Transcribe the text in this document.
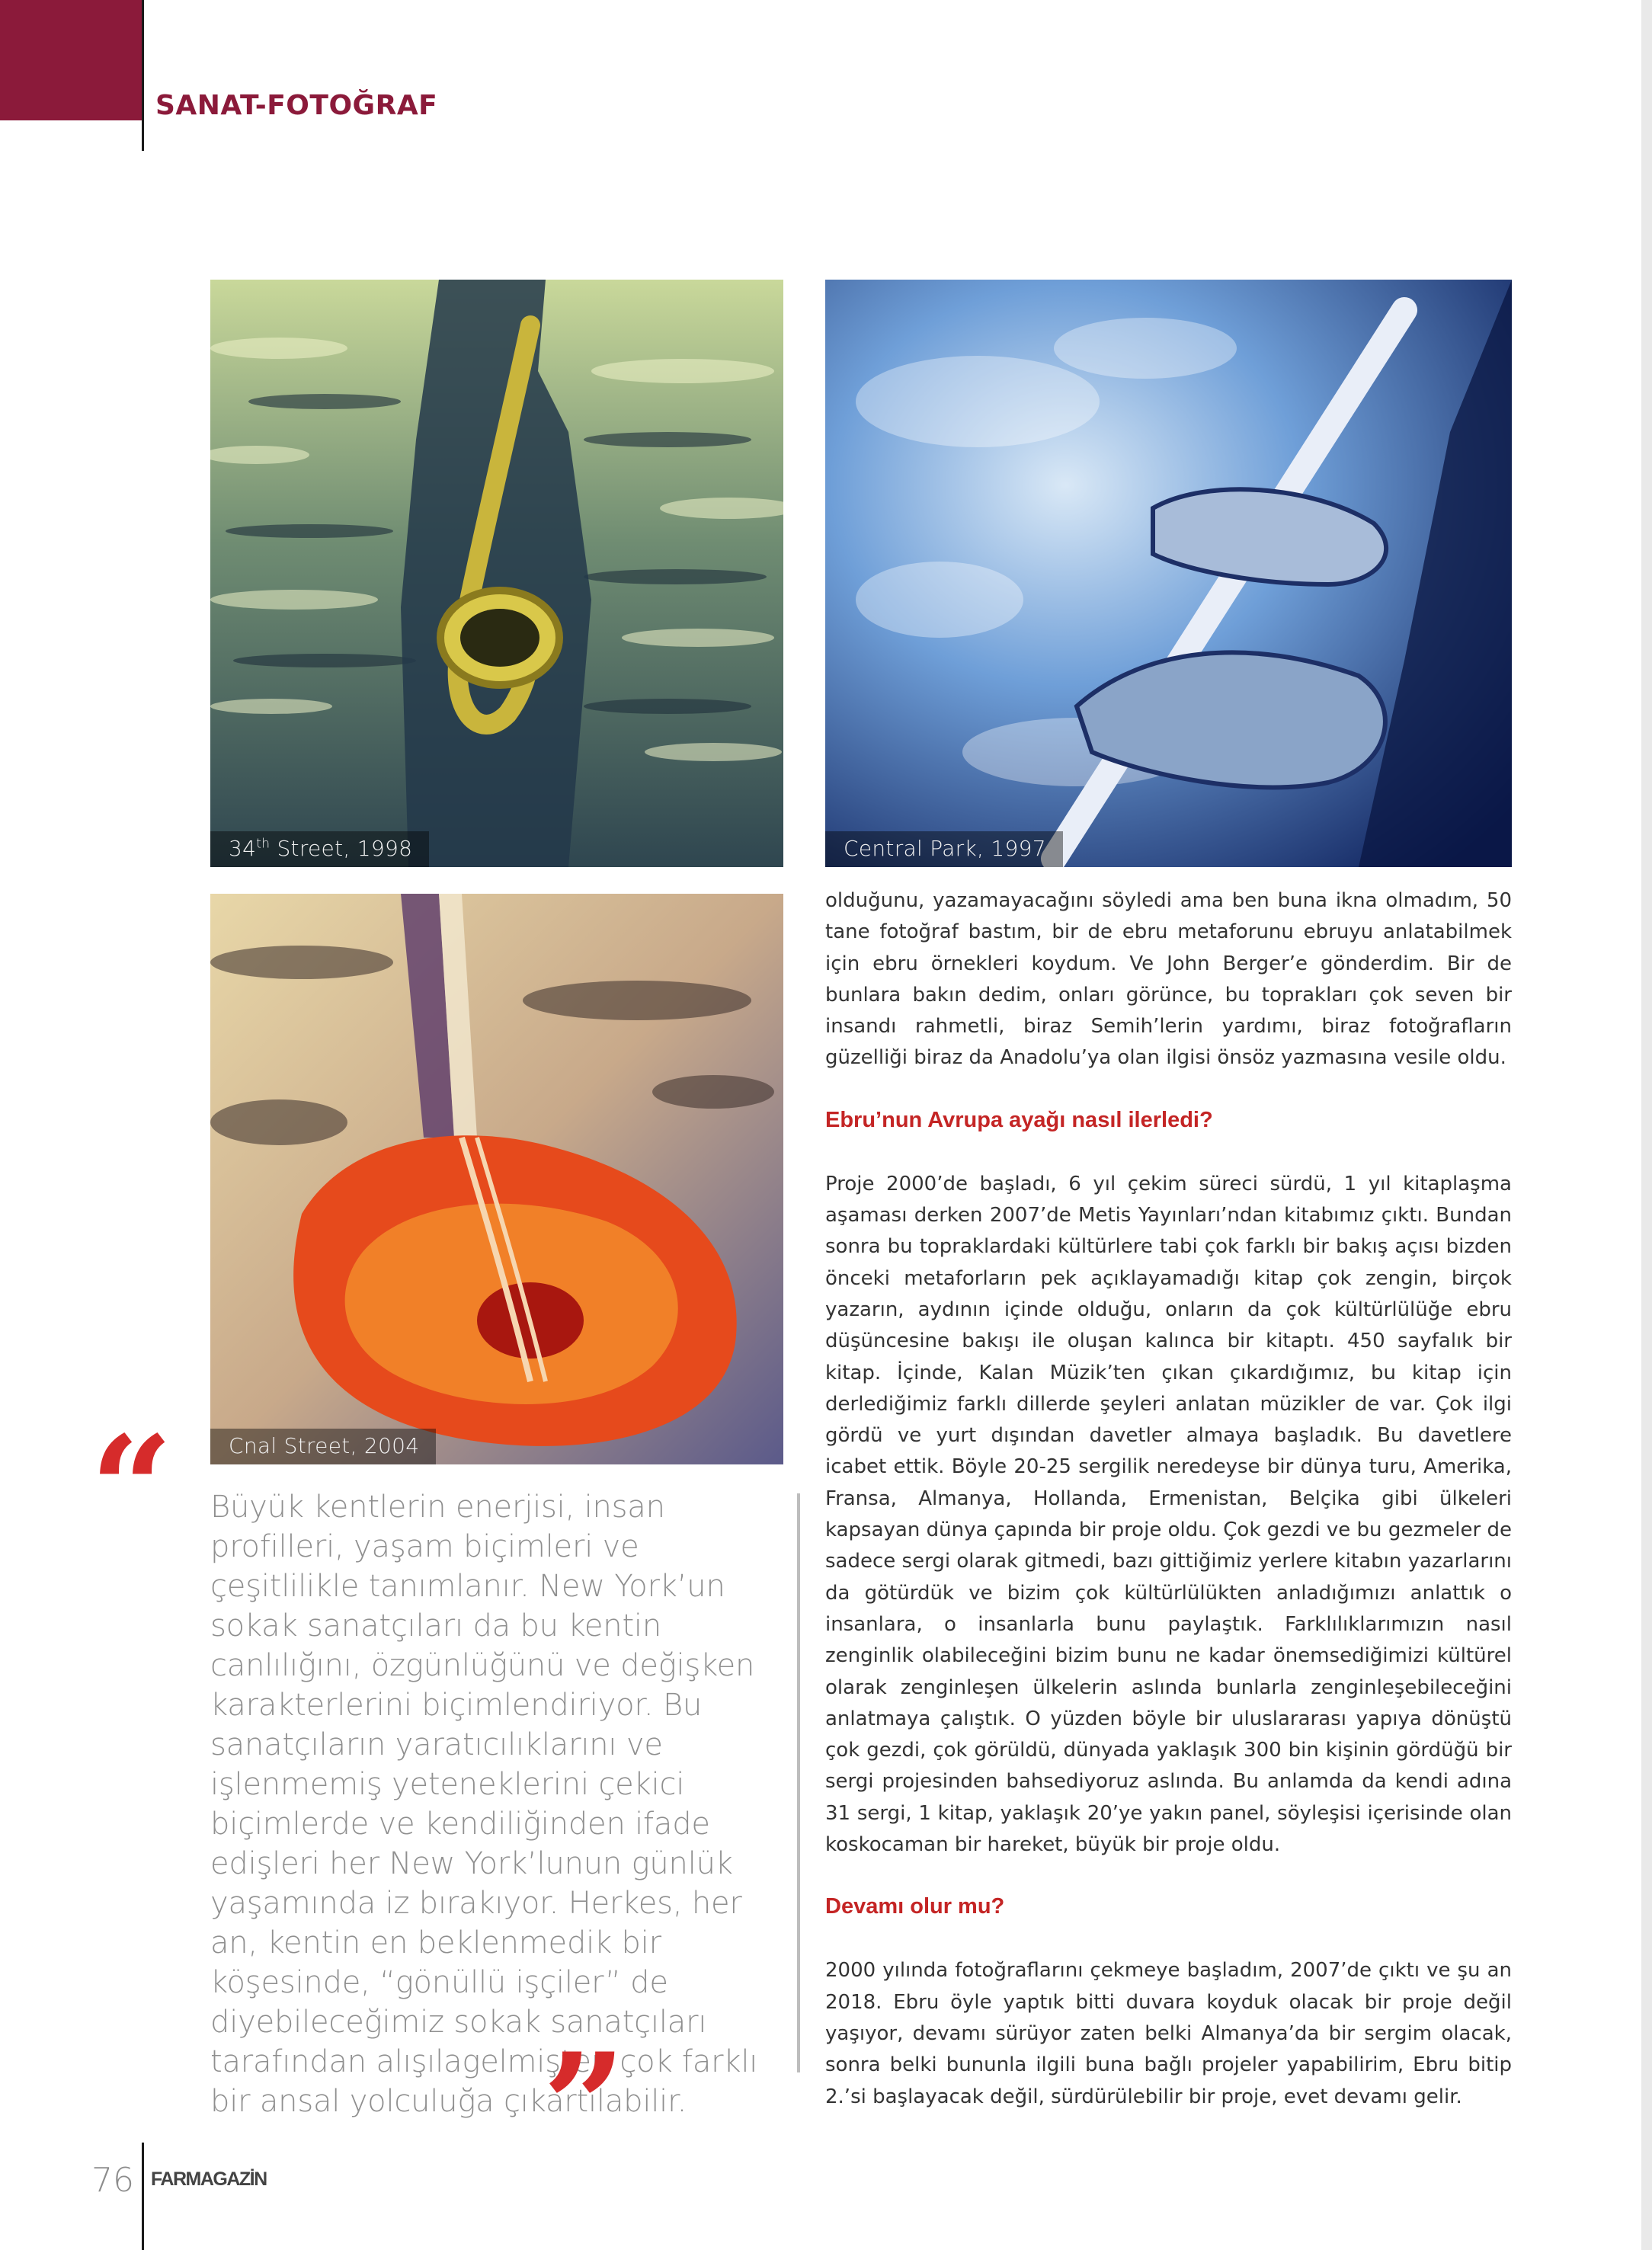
SANAT-FOTOĞRAF
34th Street, 1998	Central Park, 1997
Cnal Street, 2004
“ Büyük kentlerin enerjisi, insan profilleri, yaşam biçimleri ve çeşitlilikle tanımlanır. New York’un sokak sanatçıları da bu kentin canlılığını, özgünlüğünü ve değişken karakterlerini biçimlendiriyor. Bu sanatçıların yaratıcılıklarını ve işlenmemiş yeteneklerini çekici biçimlerde ve kendiliğinden ifade edişleri her New York’lunun günlük yaşamında iz bırakıyor. Herkes, her an, kentin en beklenmedik bir köşesinde, “gönüllü işçiler” de diyebileceğimiz sokak sanatçıları tarafından alışılagelmişten çok farklı bir ansal yolculuğa çıkartılabilir.
”

olduğunu, yazamayacağını söyledi ama ben buna ikna olmadım, 50 tane fotoğraf bastım, bir de ebru metaforunu ebruyu anlatabilmek için ebru örnekleri koydum. Ve John Berger’e gönderdim. Bir de bunlara bakın dedim, onları görünce, bu toprakları çok seven bir insandı rahmetli, biraz Semih’lerin yardımı, biraz fotoğrafların güzelliği biraz da Anadolu’ya olan ilgisi önsöz yazmasına vesile oldu.

Ebru’nun Avrupa ayağı nasıl ilerledi?

Proje 2000’de başladı, 6 yıl çekim süreci sürdü, 1 yıl kitaplaşma aşaması derken 2007’de Metis Yayınları’ndan kitabımız çıktı. Bundan sonra bu topraklardaki kültürlere tabi çok farklı bir bakış açısı bizden önceki metaforların pek açıklayamadığı kitap çok zengin, birçok yazarın, aydının içinde olduğu, onların da çok kültürlülüğe ebru düşüncesine bakışı ile oluşan kalınca bir kitaptı. 450 sayfalık bir kitap. İçinde, Kalan Müzik’ten çıkan çıkardığımız, bu kitap için derlediğimiz farklı dillerde şeyleri anlatan müzikler de var. Çok ilgi gördü ve yurt dışından davetler almaya başladık. Bu davetlere icabet ettik. Böyle 20-25 sergilik neredeyse bir dünya turu, Amerika, Fransa, Almanya, Hollanda, Ermenistan, Belçika gibi ülkeleri kapsayan dünya çapında bir proje oldu. Çok gezdi ve bu gezmeler de sadece sergi olarak gitmedi, bazı gittiğimiz yerlere kitabın yazarlarını da götürdük ve bizim çok kültürlülükten anladığımızı anlattık o insanlara, o insanlarla bunu paylaştık. Farklılıklarımızın nasıl zenginlik olabileceğini bizim bunu ne kadar önemsediğimizi kültürel olarak zenginleşen ülkelerin aslında bunlarla zenginleşebileceğini anlatmaya çalıştık. O yüzden böyle bir uluslararası yapıya dönüştü çok gezdi, çok görüldü, dünyada yaklaşık 300 bin kişinin gördüğü bir sergi projesinden bahsediyoruz aslında. Bu anlamda da kendi adına 31 sergi, 1 kitap, yaklaşık 20’ye yakın panel, söyleşisi içerisinde olan koskocaman bir hareket, büyük bir proje oldu.

Devamı olur mu?

2000 yılında fotoğraflarını çekmeye başladım, 2007’de çıktı ve şu an 2018. Ebru öyle yaptık bitti duvara koyduk olacak bir proje değil yaşıyor, devamı sürüyor zaten belki Almanya’da bir sergim olacak, sonra belki bununla ilgili buna bağlı projeler yapabilirim, Ebru bitip 2.’si başlayacak değil, sürdürülebilir bir proje, evet devamı gelir.

76 FARMAGAZİN
